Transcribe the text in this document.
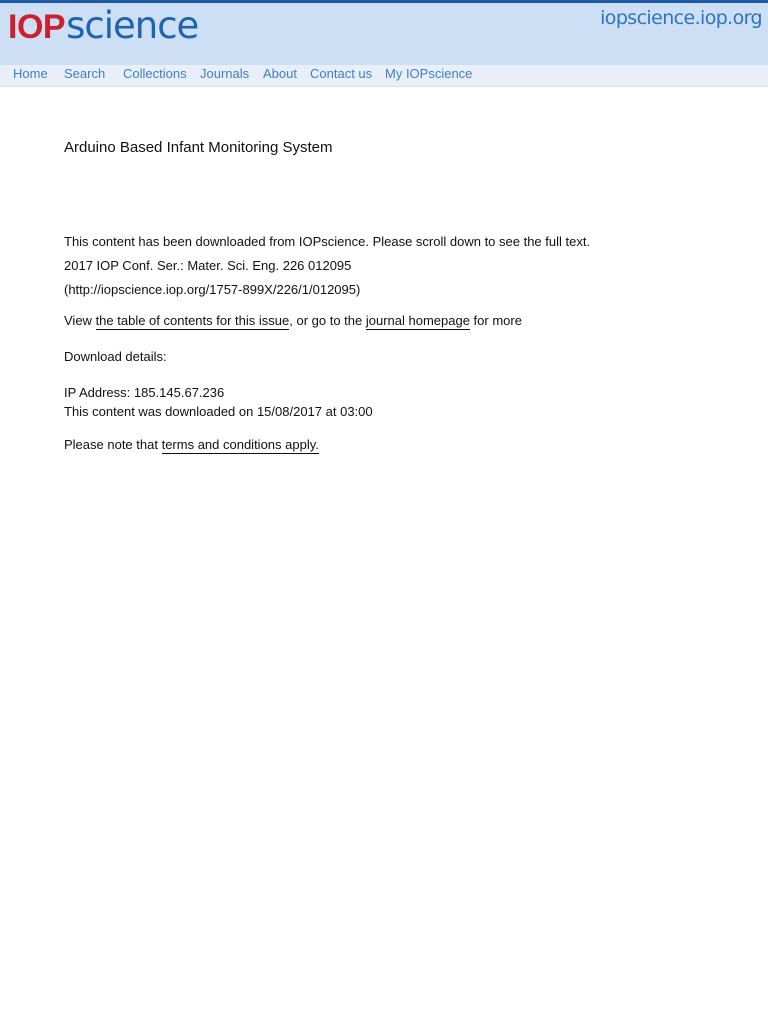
IOP science	iopscience.iop.org
Home Search Collections Journals About Contact us My IOPscience
Arduino Based Infant Monitoring System
This content has been downloaded from IOPscience. Please scroll down to see the full text.
2017 IOP Conf. Ser.: Mater. Sci. Eng. 226 012095
(http://iopscience.iop.org/1757-899X/226/1/012095)
View the table of contents for this issue, or go to the journal homepage for more
Download details:
IP Address: 185.145.67.236
This content was downloaded on 15/08/2017 at 03:00
Please note that terms and conditions apply.
